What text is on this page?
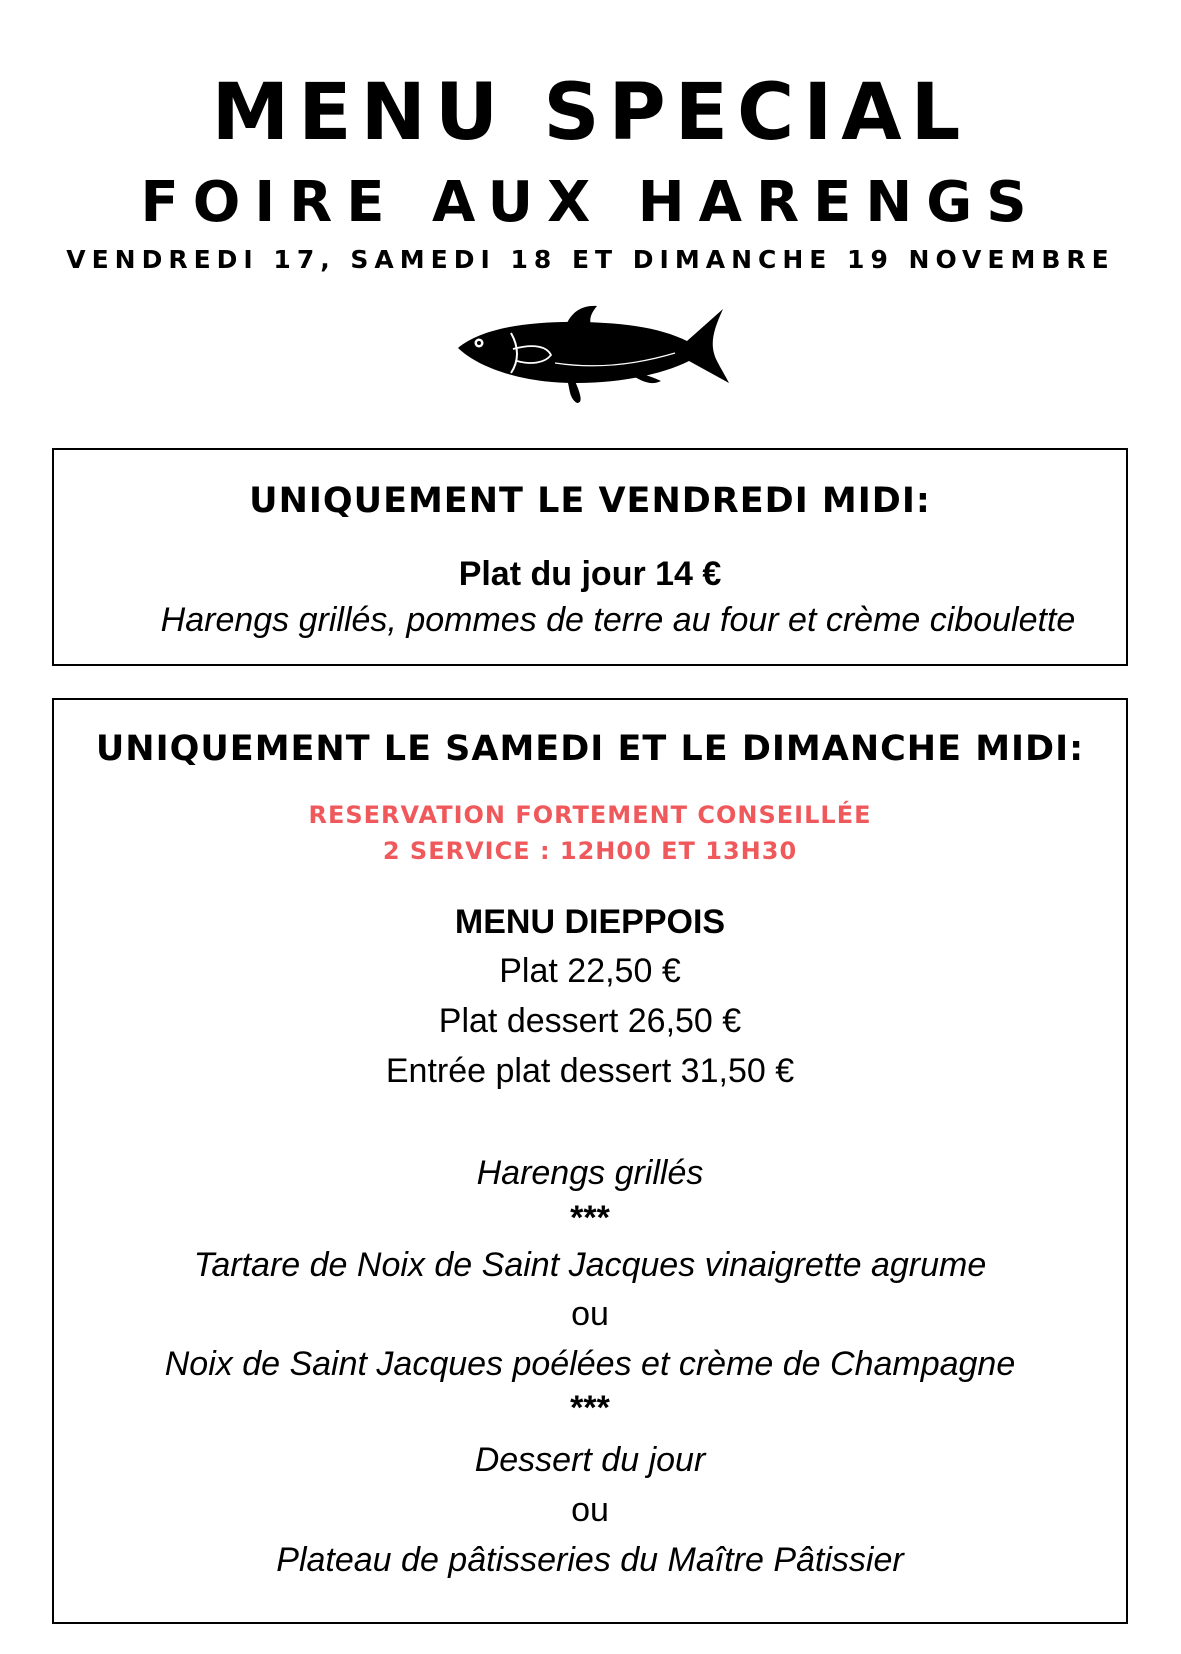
MENU SPECIAL
FOIRE AUX HARENGS
VENDREDI 17, SAMEDI 18 ET DIMANCHE 19 NOVEMBRE
UNIQUEMENT LE VENDREDI MIDI:
Plat du jour 14 €
Harengs grillés, pommes de terre au four et crème ciboulette
UNIQUEMENT LE SAMEDI ET LE DIMANCHE MIDI:
RESERVATION FORTEMENT CONSEILLÉE
2 SERVICE : 12H00 ET 13H30
MENU DIEPPOIS
Plat 22,50 €
Plat dessert 26,50 €
Entrée plat dessert 31,50 €
Harengs grillés
***
Tartare de Noix de Saint Jacques vinaigrette agrume
ou
Noix de Saint Jacques poélées et crème de Champagne
***
Dessert du jour
ou
Plateau de pâtisseries du Maître Pâtissier
